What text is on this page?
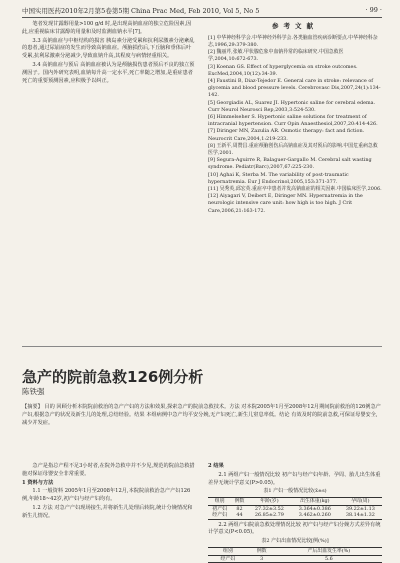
中国实用医药2010年2月第5卷第5期 China Prac Med, Feb 2010, Vol 5, No 5	· 99 ·

笔者发现甘露醇用量>100 g/d 时,是出现高钠血症的独立危险因素,因此,应重视临床甘露醇的用量和及时监测血钠水平[7]。

3.3 高钠血症与中枢结构的损害 胰岛素分泌受累和抗利尿激素分泌紊乱的患者,通过尿崩症的发生而导致高钠血症。颅脑损伤后,下丘脑和垂体后叶受累,抗利尿激素分泌减少,导致血钠升高,其程度与病情轻重相关。

3.4 高钠血症与预后 高钠血症被认为是颅脑损伤患者预后不良的独立预测因子。国内外研究表明,血钠每升高一定水平,死亡率随之增加,是重症患者死亡的重要预测因素,应积极予以纠正。

参考文献
[1] 中华神经科学会.中华神经外科学会.各类脑血管疾病诊断要点.中华神经科杂志,1996,29:379-380.
[2] 魏丽芹,张敏.甲状腺危象中血钠异常的临床研究.中国急救医学,2004,10:672-673.
[3] Koenan GS. Effect of hyperglycemia on stroke outcomes. ExcMed,2004,10(12):34-39.
[4] Faustini B, Diaz-Tejedor E. General care in stroke: relevance of glycemia and blood pressure levels. Cerebrovasc Dis,2007,24(1):134-142.
[5] Georgiadis AL, Suarez JI. Hypertonic saline for cerebral edema. Curr Neurol Neurosci Rep,2003,3:524-530.
[6] Himmelseher S. Hypertonic saline solutions for treatment of intracranial hypertension. Curr Opin Anaesthesiol,2007,20:414-426.
[7] Diringer MN, Zazulia AR. Osmotic therapy: fact and fiction. Neurocrit Care,2004,1:219-233.
[8] 王新平,周赞昌.重症颅脑创伤后高钠血症及其对预后的影响.中国危重病急救医学,2001.
[9] Segura-Aguirre R, Balaguer-Gargallo M. Cerebral salt wasting syndrome. Pediatr(Barc),2007,67:225-230.
[10] Aghai K, Sterba M. The variability of post-traumatic hypernatremia. Eur J Endocrinol,2005,153:371-377.
[11] 吴秀英,邱宏英.重症卒中患者并发高钠血症的相关因素.中国临床医学,2006.
[12] Aiyagari V, Deibert E, Diringer MN. Hypernatremia in the neurologic intensive care unit: how high is too high. J Crit Care,2006,21:163-172.
急产的院前急救126例分析
陈铁强

【摘要】 目的 回顾分析本院院前救治的急产产妇的方法和效果,探索急产的院前急救技术。方法 对本院2005年1月至2008年12月期间院前救治的126例急产产妇,根据急产的状况及新生儿的处理,总结经验。结果 本组病例中急产均平安分娩,无产妇死亡,新生儿窒息率低。结论 有效及时的院前急救,可保证母婴安全,减少并发症。

急产是指总产程不足3小时者,在院外急救中并不少见,规范的院前急救措施对保证母婴安全非常重要。

1 资料与方法

1.1 一般资料 2005年1月至2008年12月,本院院前救治急产产妇126例,年龄18~42岁,初产妇与经产妇均有。

1.2 方法 对急产产妇现场接生,并将新生儿处理后转院,统计分娩情况和新生儿情况。

2 结果

2.1 两组产妇一般情况比较 初产妇与经产妇年龄、孕周、胎儿出生体重差异无统计学意义(P>0.05)。

表1 产妇一般情况比较(x̄±s)

组别	例数	年龄(岁)	出生体重(kg)	孕周(周)
初产妇	82	27.32±3.52	3.364±0.386	39.22±1.13
经产妇	44	26.85±2.79	3.462±0.260	38.14±1.32

2.2 两组产妇院前急救处理情况比较 初产妇与经产妇分娩方式差异有统计学意义(P<0.05)。

表2 产妇出血情况比较[例(%)]

组别	例数	产后出血发生率(%)
经产妇	3	5.6
